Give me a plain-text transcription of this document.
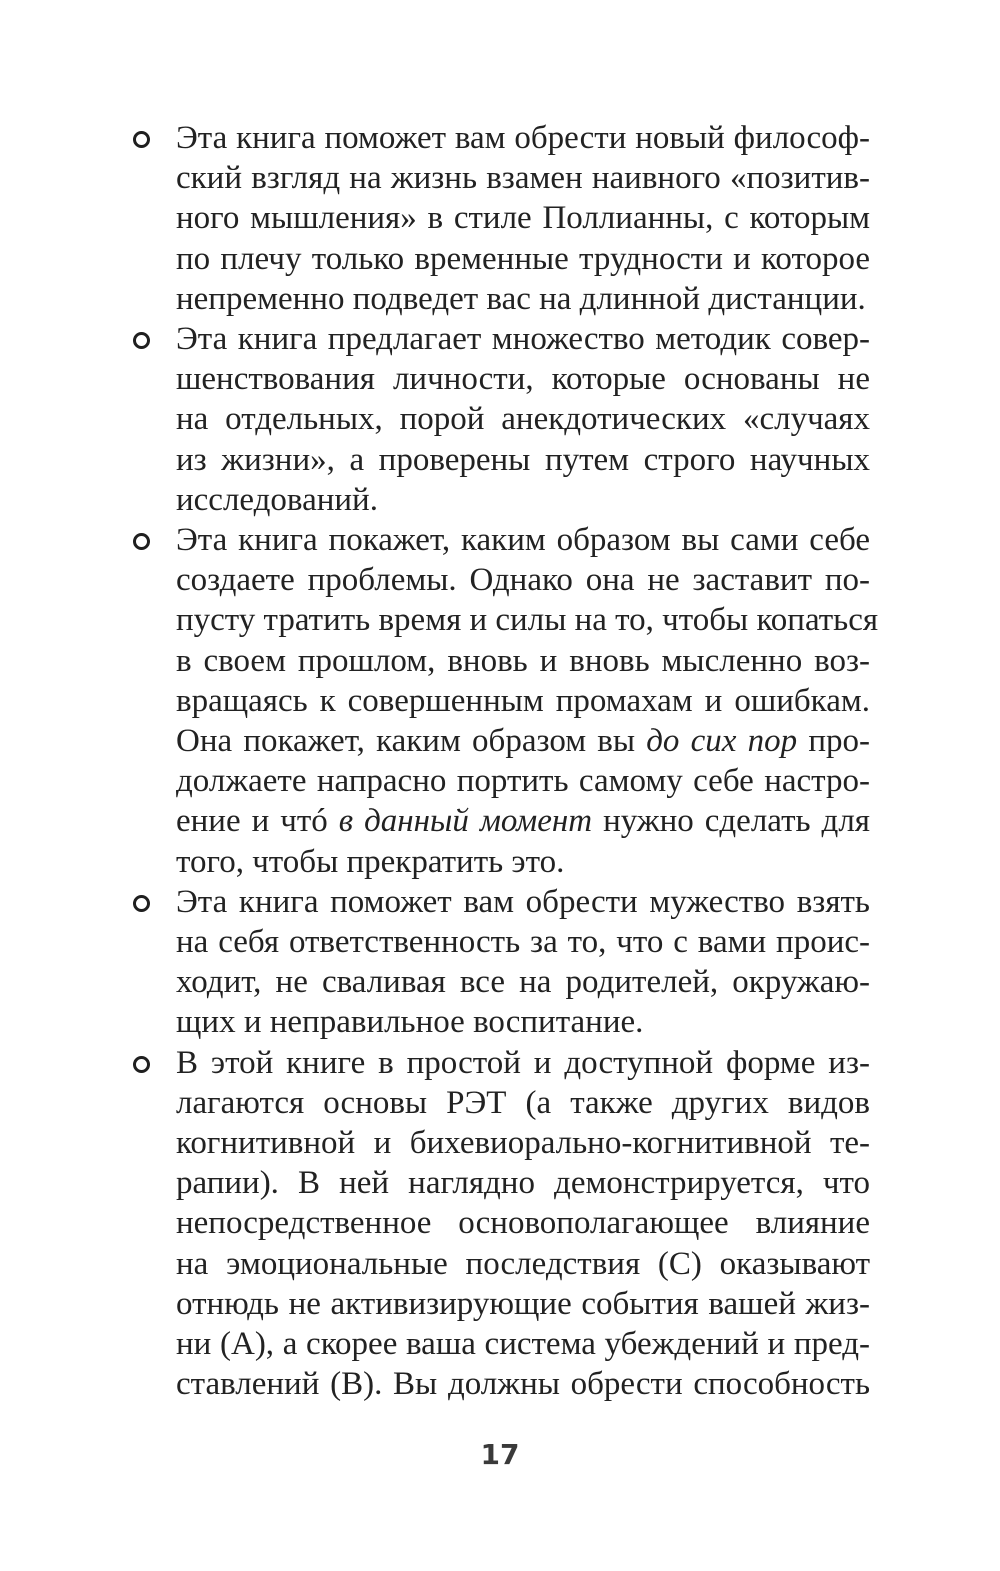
Эта книга поможет вам обрести новый философ-
ский взгляд на жизнь взамен наивного «позитив-
ного мышления» в стиле Поллианны, с которым
по плечу только временные трудности и которое
непременно подведет вас на длинной дистанции.
Эта книга предлагает множество методик совер-
шенствования личности, которые основаны не
на отдельных, порой анекдотических «случаях
из жизни», а проверены путем строго научных
исследований.
Эта книга покажет, каким образом вы сами себе
создаете проблемы. Однако она не заставит по-
пусту тратить время и силы на то, чтобы копаться
в своем прошлом, вновь и вновь мысленно воз-
вращаясь к совершенным промахам и ошибкам.
Она покажет, каким образом вы до сих пор про-
должаете напрасно портить самому себе настро-
ение и чтó в данный момент нужно сделать для
того, чтобы прекратить это.
Эта книга поможет вам обрести мужество взять
на себя ответственность за то, что с вами проис-
ходит, не сваливая все на родителей, окружаю-
щих и неправильное воспитание.
В этой книге в простой и доступной форме из-
лагаются основы РЭТ (а также других видов
когнитивной и бихевиорально-когнитивной те-
рапии). В ней наглядно демонстрируется, что
непосредственное основополагающее влияние
на эмоциональные последствия (С) оказывают
отнюдь не активизирующие события вашей жиз-
ни (А), а скорее ваша система убеждений и пред-
ставлений (В). Вы должны обрести способность
17
